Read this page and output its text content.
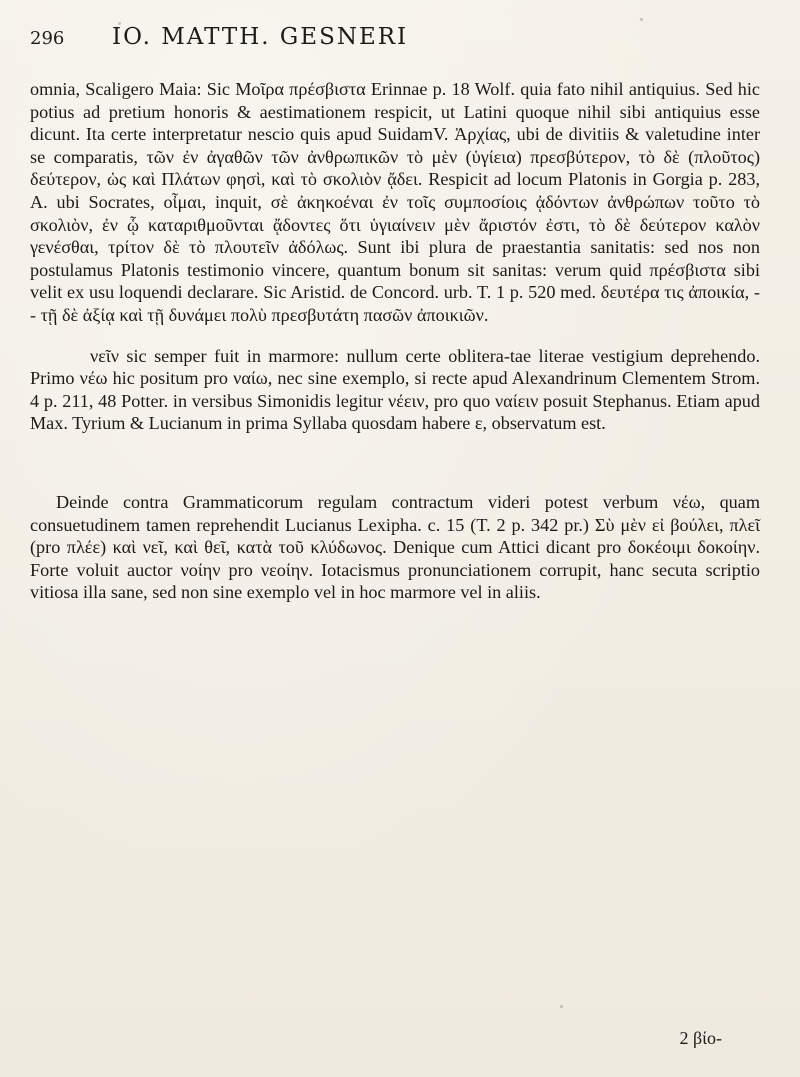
296 IO. MATTH. GESNERI

omnia, Scaligero Maia: Sic Μοῖρα πρέσβιστα Erinnae p. 18 Wolf. quia fato nihil antiquius. Sed hic potius ad pretium honoris & aestimationem respicit, ut Latini quoque nihil sibi antiquius esse dicunt. Ita certe interpretatur nescio quis apud SuidamV. Ἀρχίας, ubi de divitiis & valetudine inter se comparatis, τῶν ἐν ἀγαθῶν τῶν ἀνθρωπικῶν τὸ μὲν (ὑγίεια) πρεσβύτερον, τὸ δὲ (πλοῦτος) δεύτερον, ὡς καὶ Πλάτων φησὶ, καὶ τὸ σκολιὸν ᾄδει. Respicit ad locum Platonis in Gorgia p. 283, A. ubi Socrates, οἶμαι, inquit, σὲ ἀκηκοέναι ἐν τοῖς συμποσίοις ᾀδόντων ἀνθρώπων τοῦτο τὸ σκολιὸν, ἐν ᾧ καταριθμοῦνται ᾄδοντες ὅτι ὑγιαίνειν μὲν ἄριστόν ἐστι, τὸ δὲ δεύτερον καλὸν γενέσθαι, τρίτον δὲ τὸ πλουτεῖν ἀδόλως. Sunt ibi plura de praestantia sanitatis: sed nos non postulamus Platonis testimonio vincere, quantum bonum sit sanitas: verum quid πρέσβιστα sibi velit ex usu loquendi declarare. Sic Aristid. de Concord. urb. T. 1 p. 520 med. δευτέρα τις ἀποικία, -- τῇ δὲ ἀξίᾳ καὶ τῇ δυνάμει πολὺ πρεσβυτάτη πασῶν ἀποικιῶν.

νεῖν sic semper fuit in marmore: nullum certe oblitera-tae literae vestigium deprehendo. Primo νέω hic positum pro ναίω, nec sine exemplo, si recte apud Alexandrinum Clementem Strom. 4 p. 211, 48 Potter. in versibus Simonidis legitur νέειν, pro quo ναίειν posuit Stephanus. Etiam apud Max. Tyrium & Lucianum in prima Syllaba quosdam habere ε, observatum est.

Deinde contra Grammaticorum regulam contractum videri potest verbum νέω, quam consuetudinem tamen reprehendit Lucianus Lexipha. c. 15 (T. 2 p. 342 pr.) Σὺ μὲν εἰ βούλει, πλεῖ (pro πλέε) καὶ νεῖ, καὶ θεῖ, κατὰ τοῦ κλύδωνος. Denique cum Attici dicant pro δοκέοιμι δοκοίην. Forte voluit auctor νοίην pro νεοίην. Iotacismus pronunciationem corrupit, hanc secuta scriptio vitiosa illa sane, sed non sine exemplo vel in hoc marmore vel in aliis.

2 βίο-
